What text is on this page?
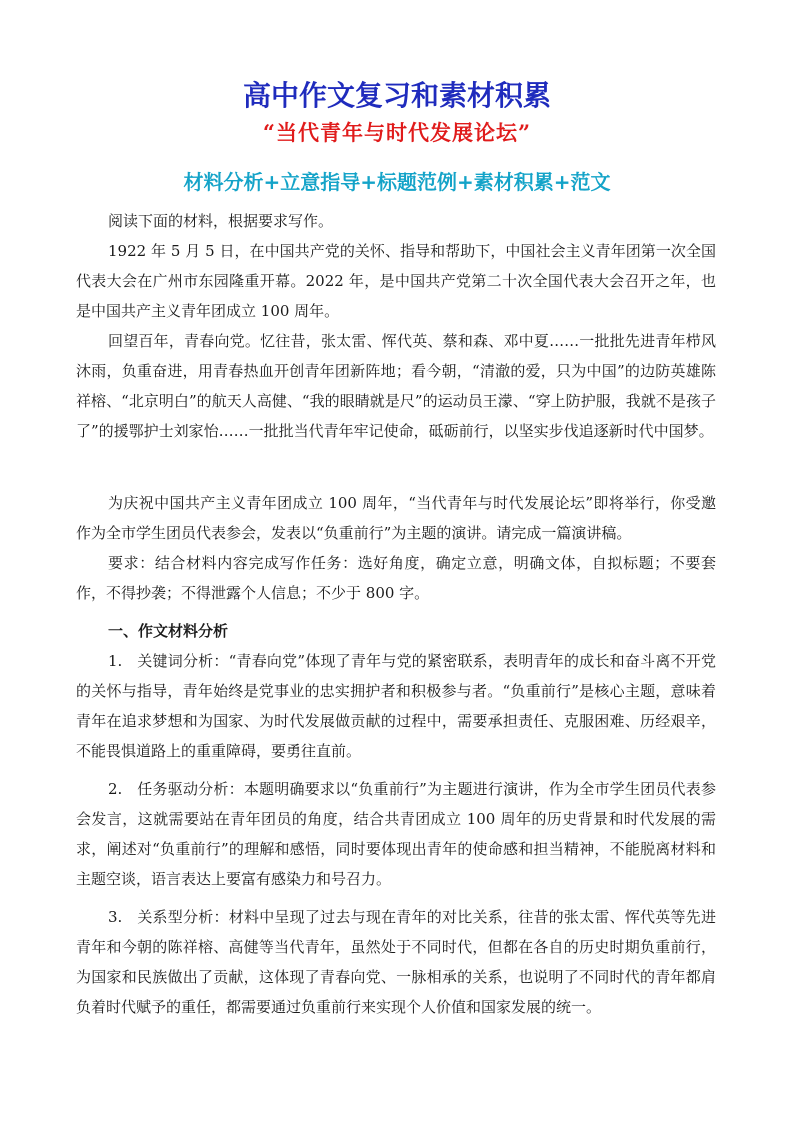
高中作文复习和素材积累
“当代青年与时代发展论坛”
材料分析+立意指导+标题范例+素材积累+范文

阅读下面的材料，根据要求写作。

1922 年 5 月 5 日，在中国共产党的关怀、指导和帮助下，中国社会主义青年团第一次全国代表大会在广州市东园隆重开幕。2022 年，是中国共产党第二十次全国代表大会召开之年，也是中国共产主义青年团成立 100 周年。

回望百年，青春向党。忆往昔，张太雷、恽代英、蔡和森、邓中夏……一批批先进青年栉风沐雨，负重奋进，用青春热血开创青年团新阵地；看今朝，“清澈的爱，只为中国”的边防英雄陈祥榕、“北京明白”的航天人高健、“我的眼睛就是尺”的运动员王濛、“穿上防护服，我就不是孩子了”的援鄂护士刘家怡……一批批当代青年牢记使命，砥砺前行，以坚实步伐追逐新时代中国梦。

为庆祝中国共产主义青年团成立 100 周年，“当代青年与时代发展论坛”即将举行，你受邀作为全市学生团员代表参会，发表以“负重前行”为主题的演讲。请完成一篇演讲稿。

要求：结合材料内容完成写作任务：选好角度，确定立意，明确文体，自拟标题；不要套作，不得抄袭；不得泄露个人信息；不少于 800 字。

一、作文材料分析

1.   关键词分析：“青春向党”体现了青年与党的紧密联系，表明青年的成长和奋斗离不开党的关怀与指导，青年始终是党事业的忠实拥护者和积极参与者。“负重前行”是核心主题，意味着青年在追求梦想和为国家、为时代发展做贡献的过程中，需要承担责任、克服困难、历经艰辛，不能畏惧道路上的重重障碍，要勇往直前。

2.   任务驱动分析：本题明确要求以“负重前行”为主题进行演讲，作为全市学生团员代表参会发言，这就需要站在青年团员的角度，结合共青团成立 100 周年的历史背景和时代发展的需求，阐述对“负重前行”的理解和感悟，同时要体现出青年的使命感和担当精神，不能脱离材料和主题空谈，语言表达上要富有感染力和号召力。

3.   关系型分析：材料中呈现了过去与现在青年的对比关系，往昔的张太雷、恽代英等先进青年和今朝的陈祥榕、高健等当代青年，虽然处于不同时代，但都在各自的历史时期负重前行，为国家和民族做出了贡献，这体现了青春向党、一脉相承的关系，也说明了不同时代的青年都肩负着时代赋予的重任，都需要通过负重前行来实现个人价值和国家发展的统一。
